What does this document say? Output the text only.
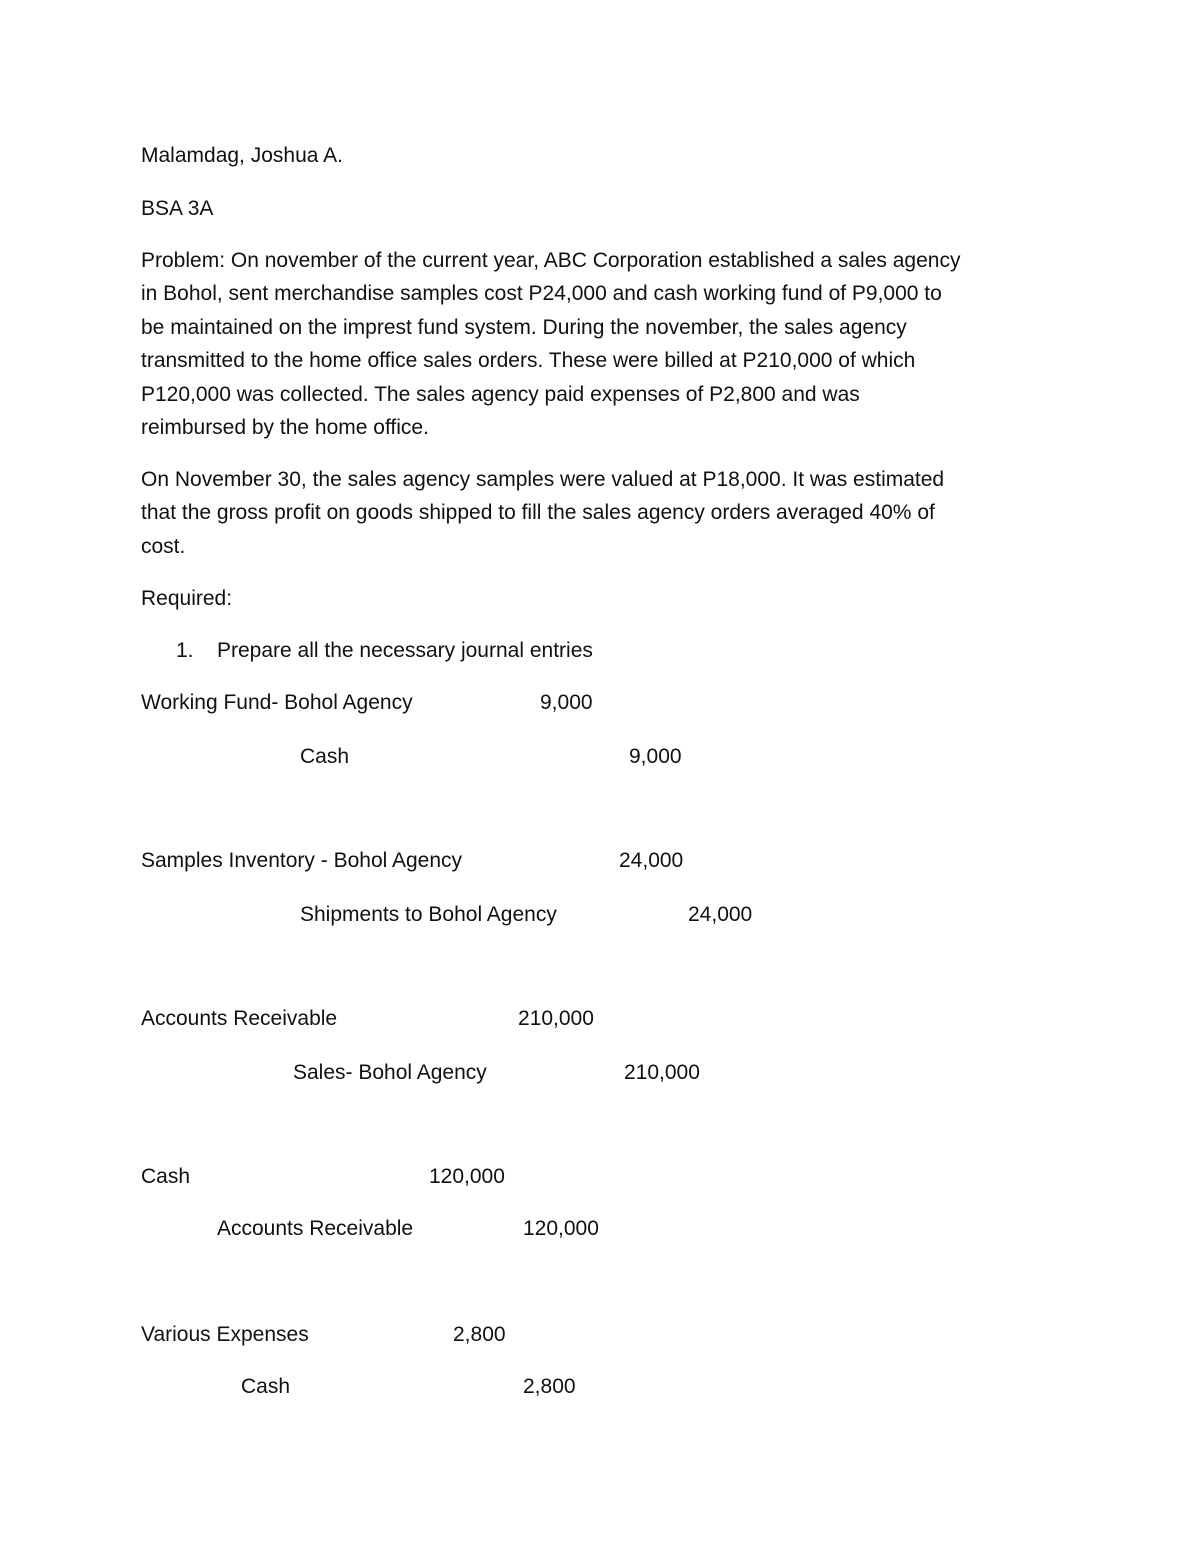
Malamdag, Joshua A.
BSA 3A
Problem: On november of the current year, ABC Corporation established a sales agency
in Bohol, sent merchandise samples cost P24,000 and cash working fund of P9,000 to
be maintained on the imprest fund system. During the november, the sales agency
transmitted to the home office sales orders. These were billed at P210,000 of which
P120,000 was collected. The sales agency paid expenses of P2,800 and was
reimbursed by the home office.
On November 30, the sales agency samples were valued at P18,000. It was estimated
that the gross profit on goods shipped to fill the sales agency orders averaged 40% of
cost.
Required:
1. Prepare all the necessary journal entries
Working Fund- Bohol Agency	9,000
Cash	9,000
Samples Inventory - Bohol Agency	24,000
Shipments to Bohol Agency	24,000
Accounts Receivable	210,000
Sales- Bohol Agency	210,000
Cash	120,000
Accounts Receivable	120,000
Various Expenses	2,800
Cash	2,800
